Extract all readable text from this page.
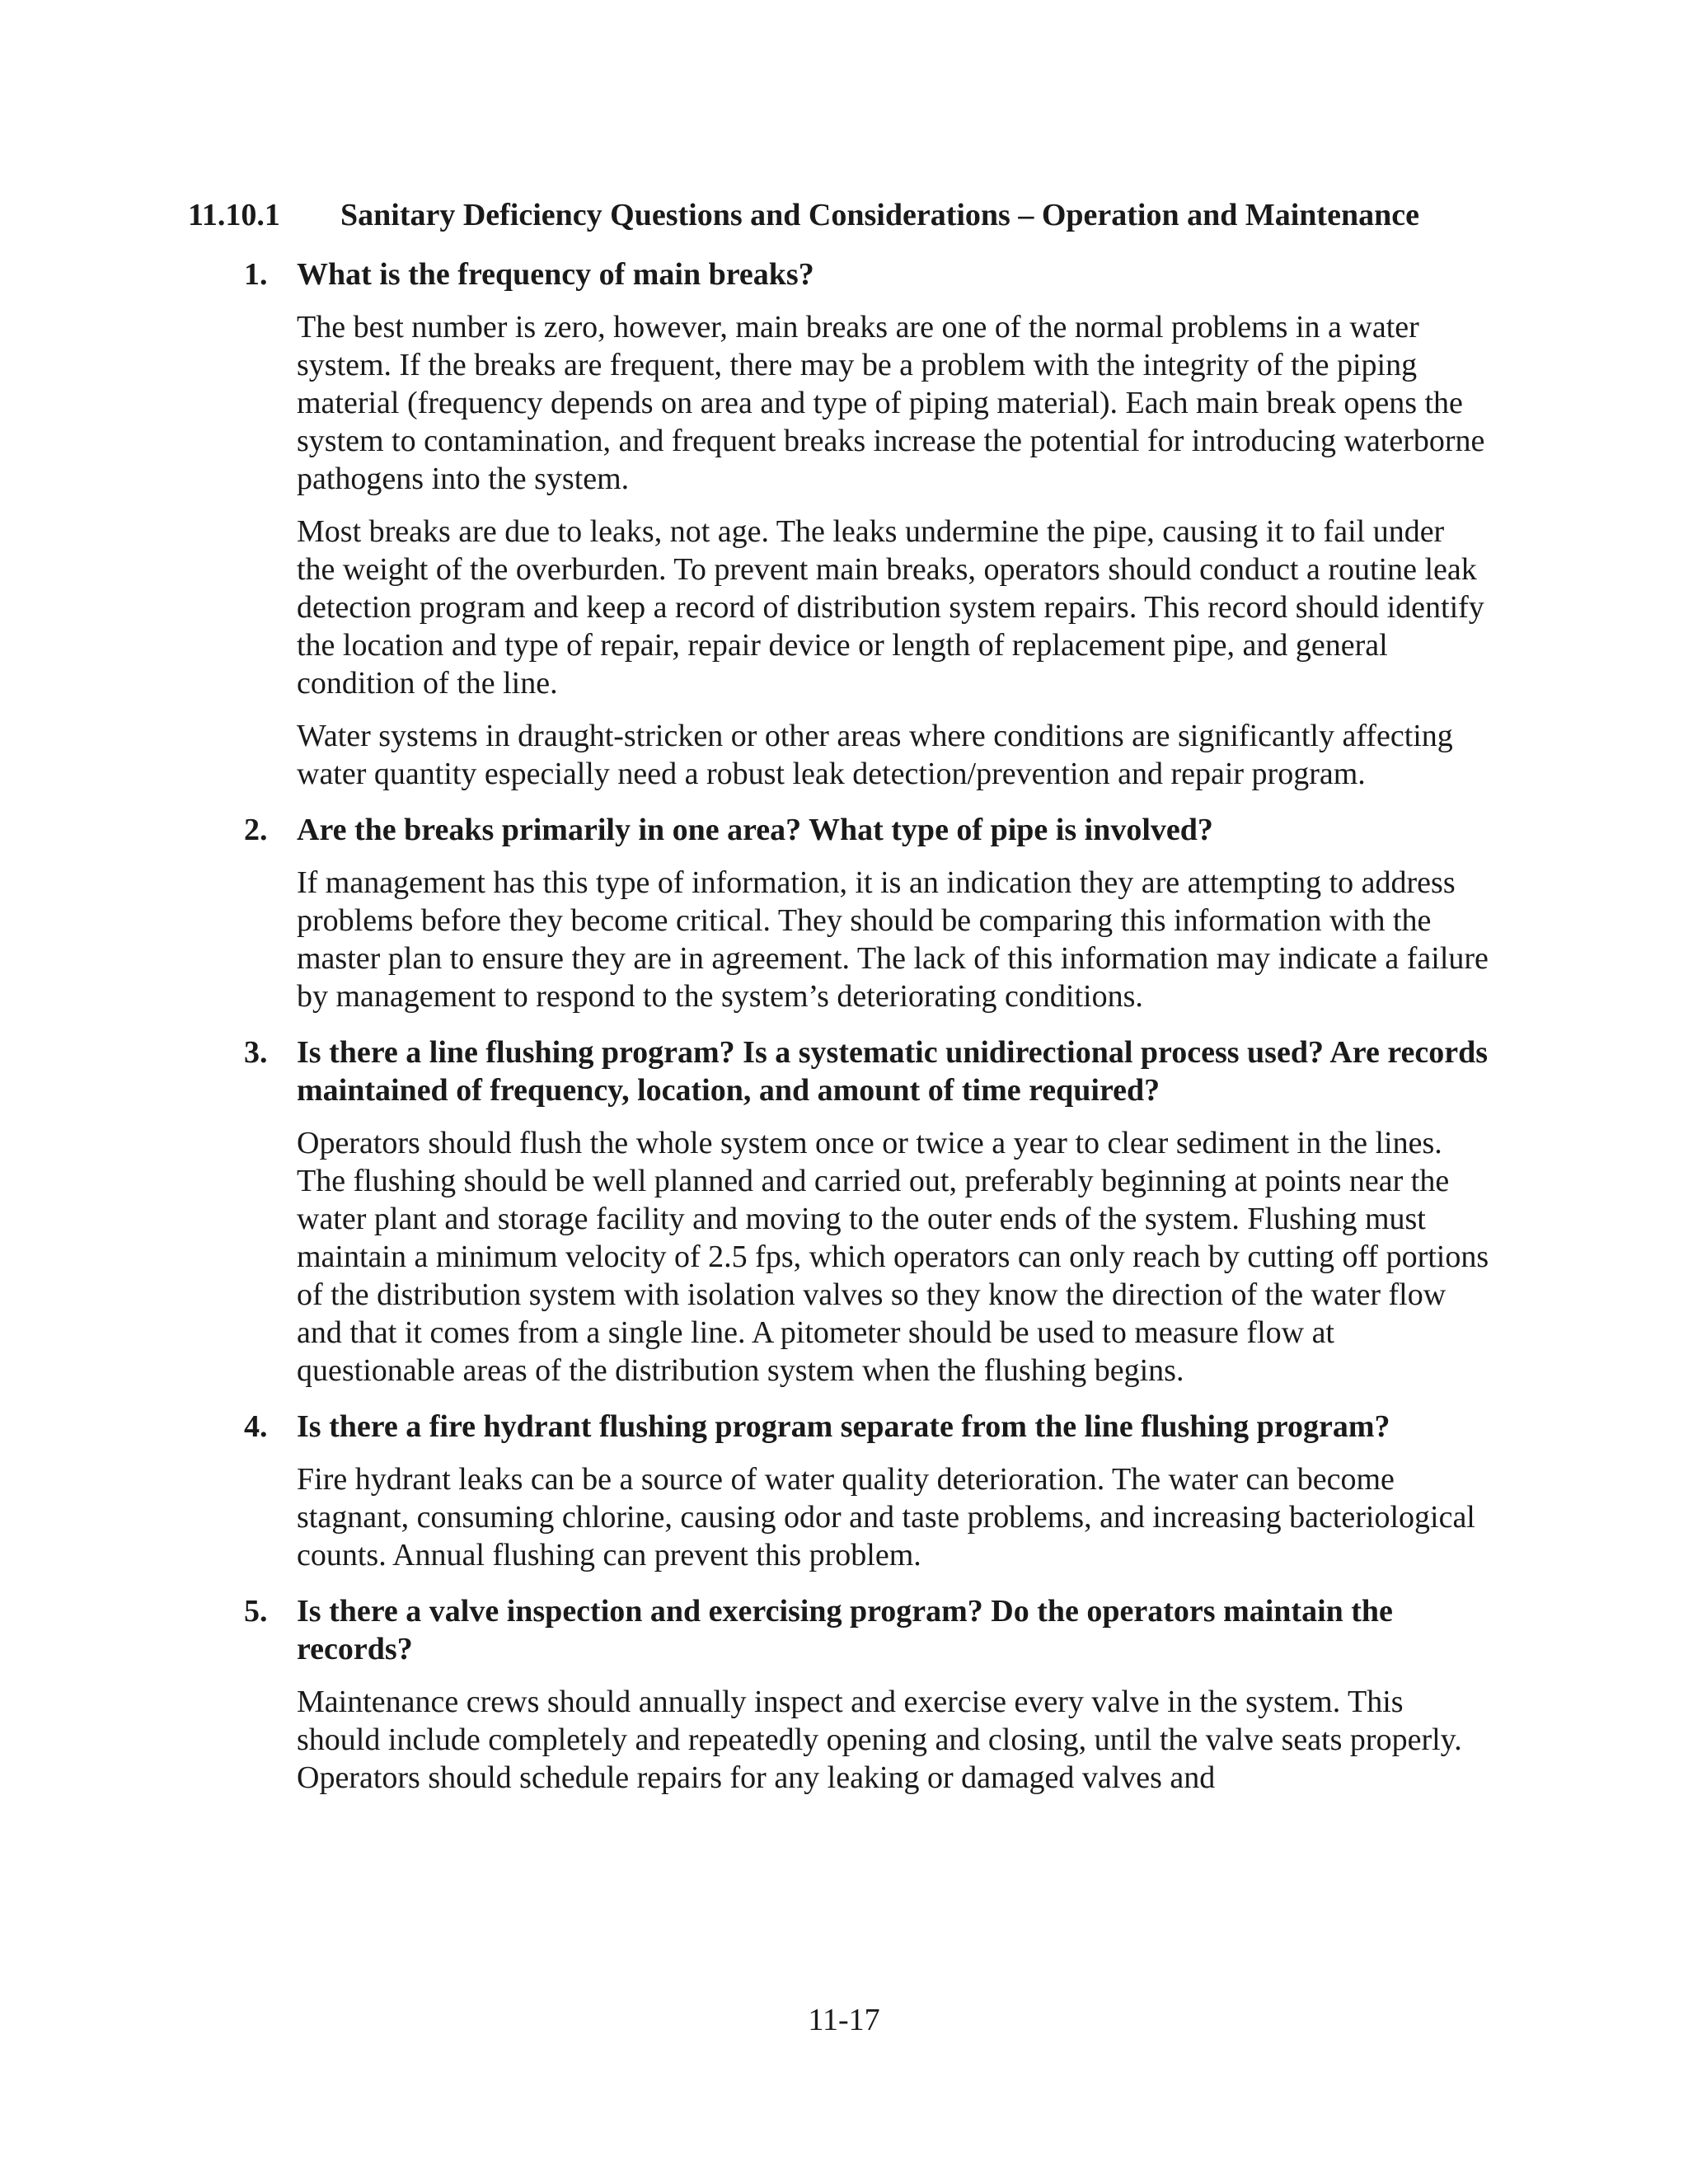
11.10.1 Sanitary Deficiency Questions and Considerations – Operation and Maintenance
1. What is the frequency of main breaks?

The best number is zero, however, main breaks are one of the normal problems in a water system. If the breaks are frequent, there may be a problem with the integrity of the piping material (frequency depends on area and type of piping material). Each main break opens the system to contamination, and frequent breaks increase the potential for introducing waterborne pathogens into the system.

Most breaks are due to leaks, not age. The leaks undermine the pipe, causing it to fail under the weight of the overburden. To prevent main breaks, operators should conduct a routine leak detection program and keep a record of distribution system repairs. This record should identify the location and type of repair, repair device or length of replacement pipe, and general condition of the line.

Water systems in draught-stricken or other areas where conditions are significantly affecting water quantity especially need a robust leak detection/prevention and repair program.

2. Are the breaks primarily in one area? What type of pipe is involved?

If management has this type of information, it is an indication they are attempting to address problems before they become critical. They should be comparing this information with the master plan to ensure they are in agreement. The lack of this information may indicate a failure by management to respond to the system’s deteriorating conditions.

3. Is there a line flushing program? Is a systematic unidirectional process used? Are records maintained of frequency, location, and amount of time required?

Operators should flush the whole system once or twice a year to clear sediment in the lines. The flushing should be well planned and carried out, preferably beginning at points near the water plant and storage facility and moving to the outer ends of the system. Flushing must maintain a minimum velocity of 2.5 fps, which operators can only reach by cutting off portions of the distribution system with isolation valves so they know the direction of the water flow and that it comes from a single line. A pitometer should be used to measure flow at questionable areas of the distribution system when the flushing begins.

4. Is there a fire hydrant flushing program separate from the line flushing program?

Fire hydrant leaks can be a source of water quality deterioration. The water can become stagnant, consuming chlorine, causing odor and taste problems, and increasing bacteriological counts. Annual flushing can prevent this problem.

5. Is there a valve inspection and exercising program? Do the operators maintain the records?

Maintenance crews should annually inspect and exercise every valve in the system. This should include completely and repeatedly opening and closing, until the valve seats properly. Operators should schedule repairs for any leaking or damaged valves and

11-17
